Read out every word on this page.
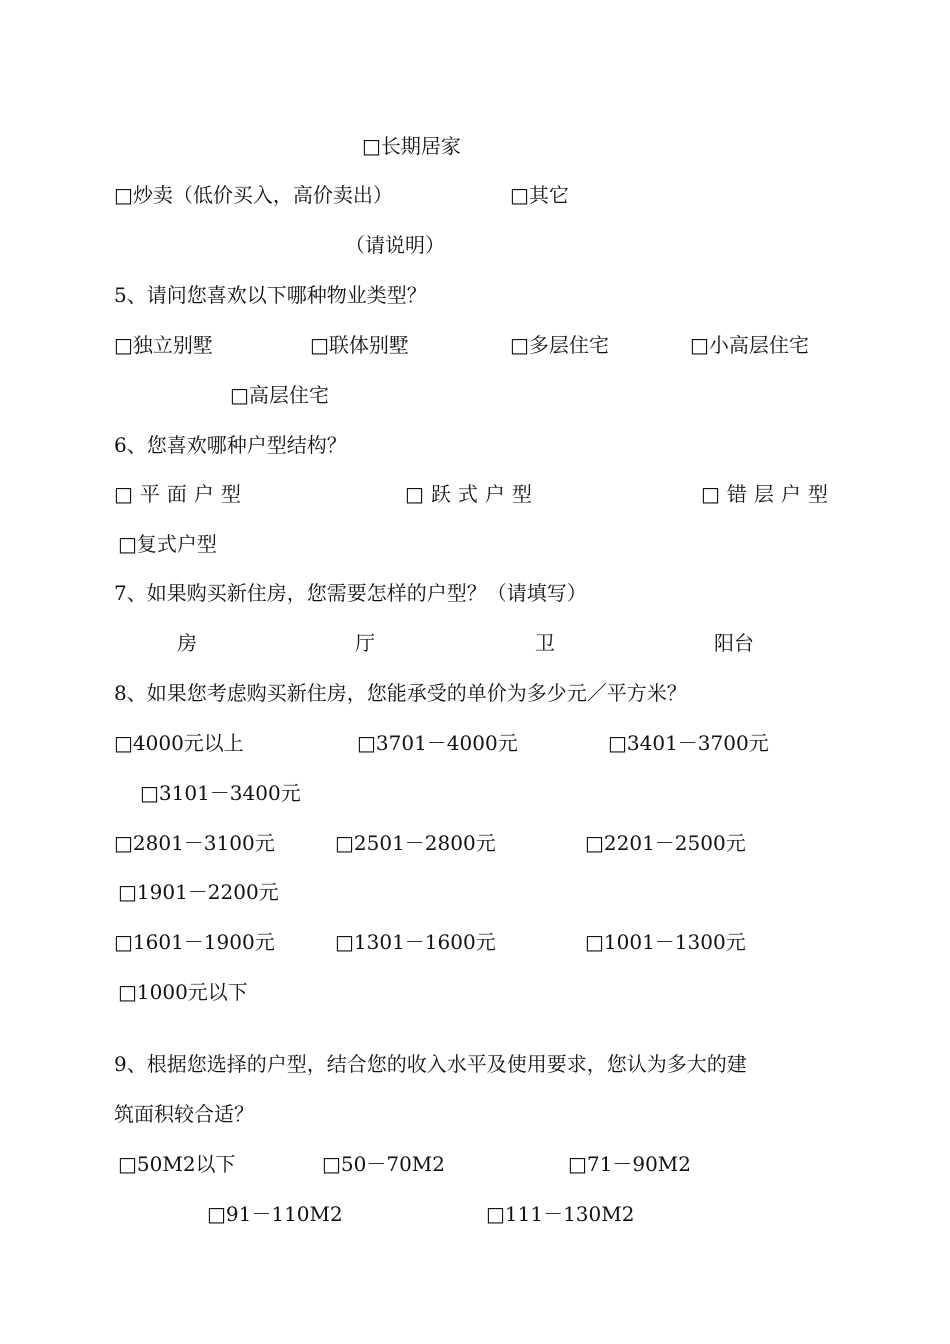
□长期居家
□炒卖（低价买入，高价卖出）	□其它
（请说明）
5、请问您喜欢以下哪种物业类型？
□独立别墅	□联体别墅	□多层住宅	□小高层住宅
□高层住宅
6、您喜欢哪种户型结构？
□平面户型	□跃式户型	□错层户型
□复式户型
7、如果购买新住房，您需要怎样的户型？（请填写）
房	厅	卫	阳台
8、如果您考虑购买新住房，您能承受的单价为多少元／平方米？
□4000元以上	□3701－4000元	□3401－3700元
□3101－3400元
□2801－3100元	□2501－2800元	□2201－2500元
□1901－2200元
□1601－1900元	□1301－1600元	□1001－1300元
□1000元以下
9、根据您选择的户型，结合您的收入水平及使用要求，您认为多大的建
筑面积较合适？
□50M2以下	□50－70M2	□71－90M2
□91－110M2	□111－130M2
